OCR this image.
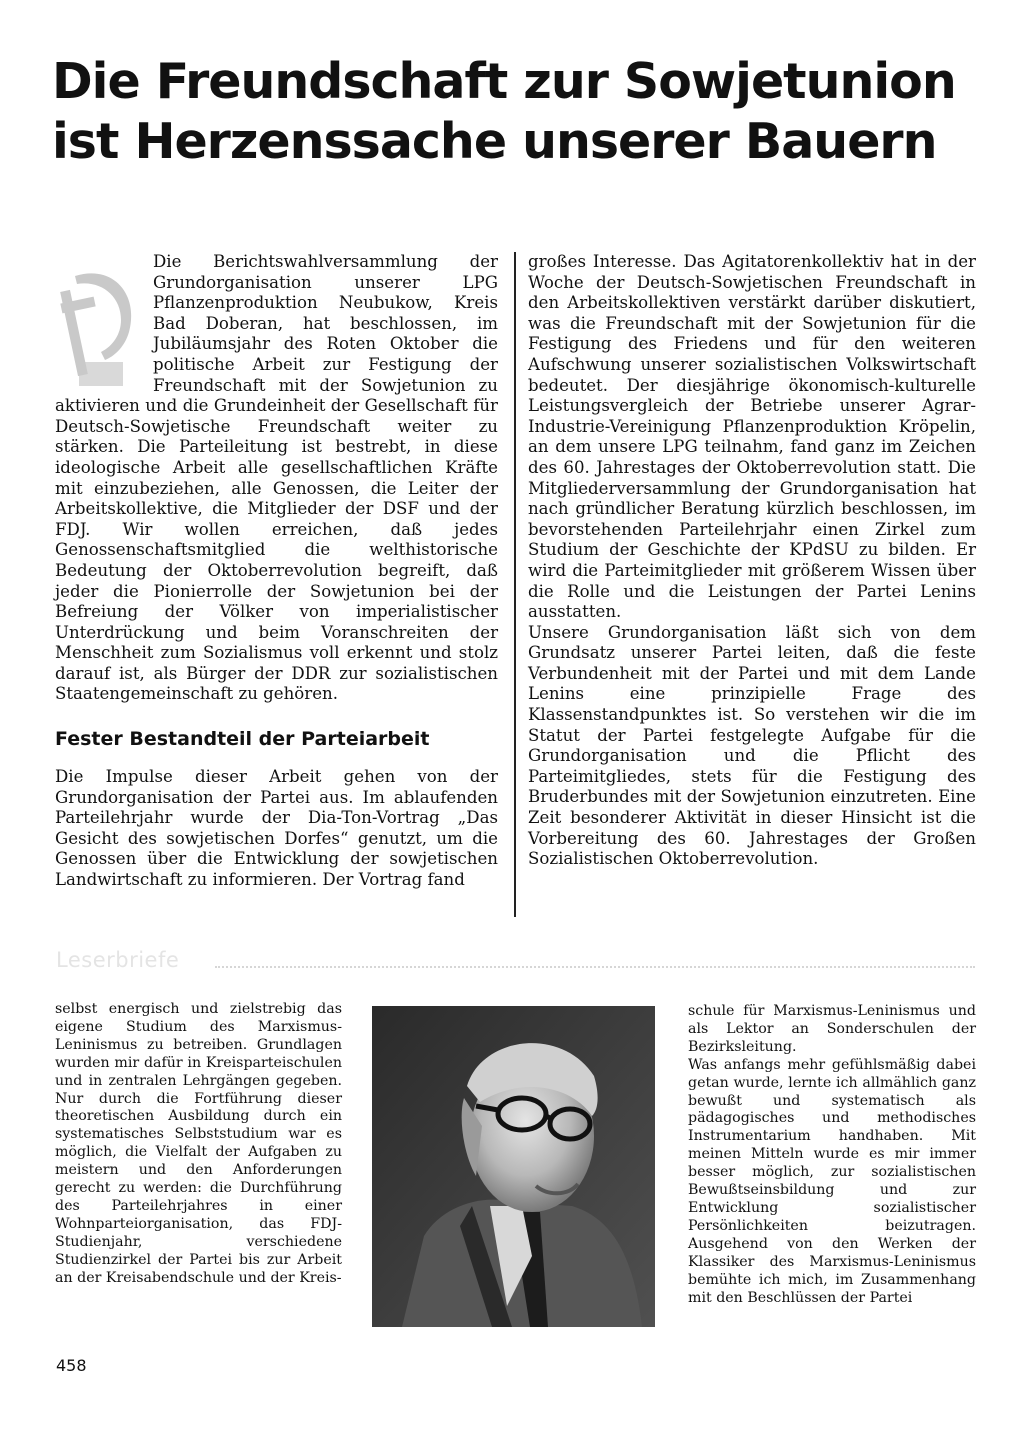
Die Freundschaft zur Sowjetunion
ist Herzenssache unserer Bauern

Die Berichtswahlversammlung der Grundorganisation unserer LPG Pflanzenproduktion Neubukow, Kreis Bad Doberan, hat beschlossen, im Jubiläumsjahr des Roten Oktober die politische Arbeit zur Festigung der Freundschaft mit der Sowjetunion zu aktivieren und die Grundeinheit der Gesellschaft für Deutsch-Sowjetische Freundschaft weiter zu stärken. Die Parteileitung ist bestrebt, in diese ideologische Arbeit alle gesellschaftlichen Kräfte mit einzubeziehen, alle Genossen, die Leiter der Arbeitskollektive, die Mitglieder der DSF und der FDJ. Wir wollen erreichen, daß jedes Genossenschaftsmitglied die welthistorische Bedeutung der Oktoberrevolution begreift, daß jeder die Pionierrolle der Sowjetunion bei der Befreiung der Völker von imperialistischer Unterdrückung und beim Voranschreiten der Menschheit zum Sozialismus voll erkennt und stolz darauf ist, als Bürger der DDR zur sozialistischen Staatengemeinschaft zu gehören.

Fester Bestandteil der Parteiarbeit

Die Impulse dieser Arbeit gehen von der Grundorganisation der Partei aus. Im ablaufenden Parteilehrjahr wurde der Dia-Ton-Vortrag „Das Gesicht des sowjetischen Dorfes“ genutzt, um die Genossen über die Entwicklung der sowjetischen Landwirtschaft zu informieren. Der Vortrag fand

großes Interesse. Das Agitatorenkollektiv hat in der Woche der Deutsch-Sowjetischen Freundschaft in den Arbeitskollektiven verstärkt darüber diskutiert, was die Freundschaft mit der Sowjetunion für die Festigung des Friedens und für den weiteren Aufschwung unserer sozialistischen Volkswirtschaft bedeutet. Der diesjährige ökonomisch-kulturelle Leistungsvergleich der Betriebe unserer Agrar-Industrie-Vereinigung Pflanzenproduktion Kröpelin, an dem unsere LPG teilnahm, fand ganz im Zeichen des 60. Jahrestages der Oktoberrevolution statt. Die Mitgliederversammlung der Grundorganisation hat nach gründlicher Beratung kürzlich beschlossen, im bevorstehenden Parteilehrjahr einen Zirkel zum Studium der Geschichte der KPdSU zu bilden. Er wird die Parteimitglieder mit größerem Wissen über die Rolle und die Leistungen der Partei Lenins ausstatten.

Unsere Grundorganisation läßt sich von dem Grundsatz unserer Partei leiten, daß die feste Verbundenheit mit der Partei und mit dem Lande Lenins eine prinzipielle Frage des Klassenstandpunktes ist. So verstehen wir die im Statut der Partei festgelegte Aufgabe für die Grundorganisation und die Pflicht des Parteimitgliedes, stets für die Festigung des Bruderbundes mit der Sowjetunion einzutreten. Eine Zeit besonderer Aktivität in dieser Hinsicht ist die Vorbereitung des 60. Jahrestages der Großen Sozialistischen Oktoberrevolution.

Leserbriefe

selbst energisch und zielstrebig das eigene Studium des Marxismus-Leninismus zu betreiben. Grundlagen wurden mir dafür in Kreisparteischulen und in zentralen Lehrgängen gegeben. Nur durch die Fortführung dieser theoretischen Ausbildung durch ein systematisches Selbststudium war es möglich, die Vielfalt der Aufgaben zu meistern und den Anforderungen gerecht zu werden: die Durchführung des Parteilehrjahres in einer Wohnparteiorganisation, das FDJ-Studienjahr, verschiedene Studienzirkel der Partei bis zur Arbeit an der Kreisabendschule und der Kreis-

schule für Marxismus-Leninismus und als Lektor an Sonderschulen der Bezirksleitung.

Was anfangs mehr gefühlsmäßig dabei getan wurde, lernte ich allmählich ganz bewußt und systematisch als pädagogisches und methodisches Instrumentarium handhaben. Mit meinen Mitteln wurde es mir immer besser möglich, zur sozialistischen Bewußtseinsbildung und zur Entwicklung sozialistischer Persönlichkeiten beizutragen. Ausgehend von den Werken der Klassiker des Marxismus-Leninismus bemühte ich mich, im Zusammenhang mit den Beschlüssen der Partei

458
